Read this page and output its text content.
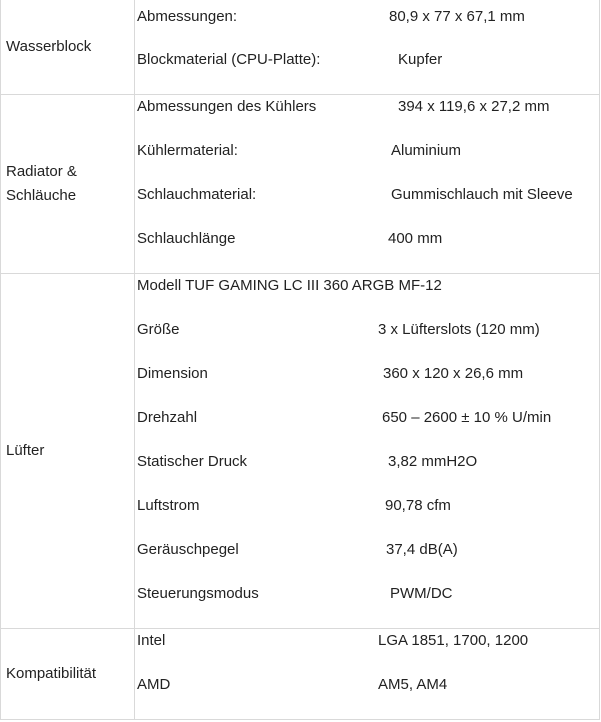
Wasserblock
Abmessungen:	80,9 x 77 x 67,1 mm
Blockmaterial (CPU-Platte):	Kupfer
Radiator &
Schläuche
Abmessungen des Kühlers	394 x 119,6 x 27,2 mm
Kühlermaterial:	Aluminium
Schlauchmaterial:	Gummischlauch mit Sleeve
Schlauchlänge	400 mm
Lüfter
Modell TUF GAMING LC III 360 ARGB MF-12
Größe	3 x Lüfterslots (120 mm)
Dimension	360 x 120 x 26,6 mm
Drehzahl	650 – 2600 ± 10 % U/min
Statischer Druck	3,82 mmH2O
Luftstrom	90,78 cfm
Geräuschpegel	37,4 dB(A)
Steuerungsmodus	PWM/DC
Kompatibilität
Intel	LGA 1851, 1700, 1200
AMD	AM5, AM4
